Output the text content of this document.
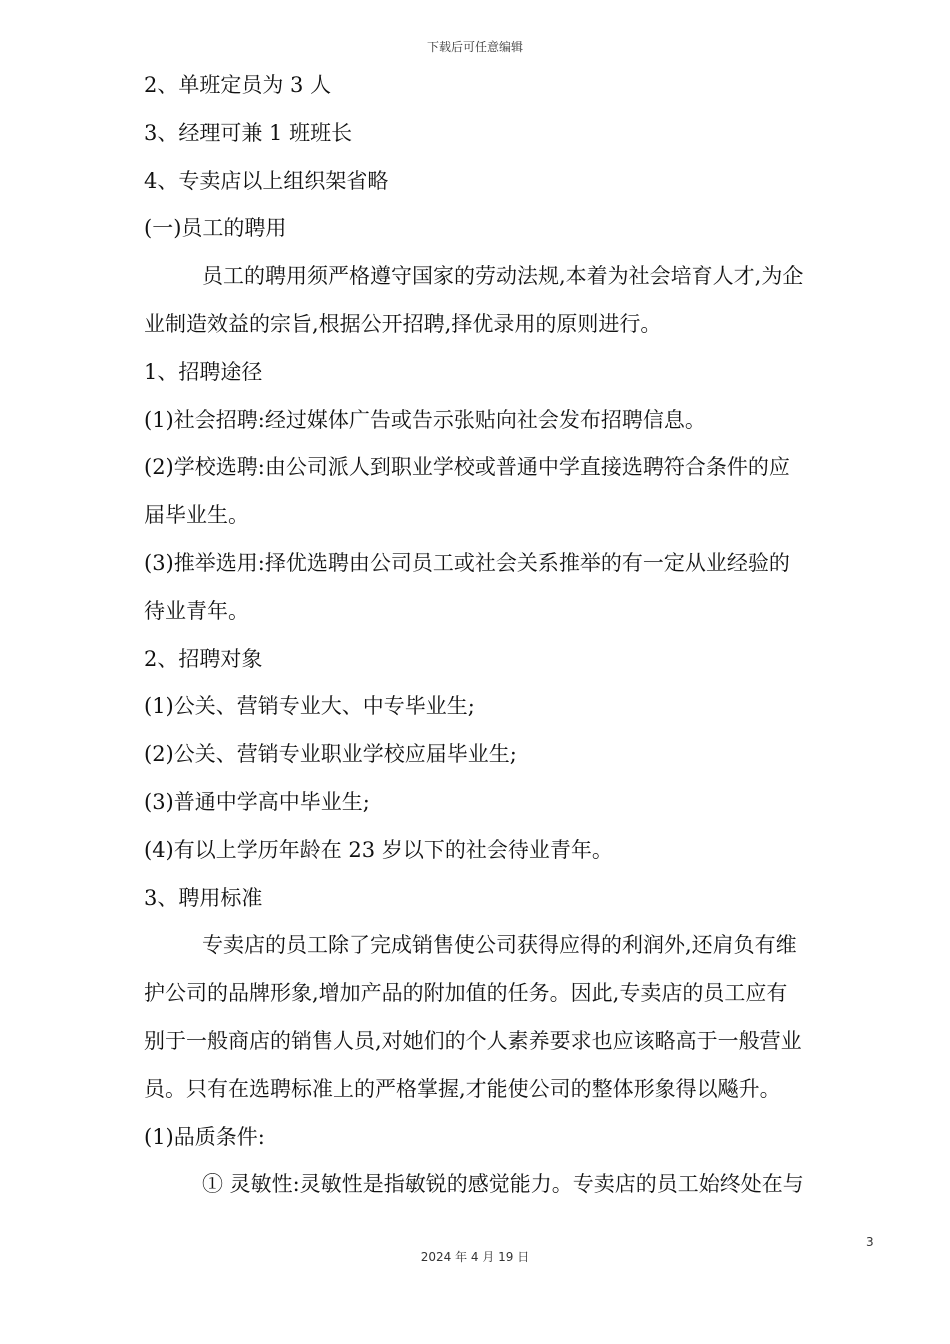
下载后可任意编辑
2、单班定员为 3 人
3、经理可兼 1 班班长
4、专卖店以上组织架省略
(一)员工的聘用
员工的聘用须严格遵守国家的劳动法规,本着为社会培育人才,为企
业制造效益的宗旨,根据公开招聘,择优录用的原则进行。
1、招聘途径
(1)社会招聘:经过媒体广告或告示张贴向社会发布招聘信息。
(2)学校选聘:由公司派人到职业学校或普通中学直接选聘符合条件的应
届毕业生。
(3)推举选用:择优选聘由公司员工或社会关系推举的有一定从业经验的
待业青年。
2、招聘对象
(1)公关、营销专业大、中专毕业生;
(2)公关、营销专业职业学校应届毕业生;
(3)普通中学高中毕业生;
(4)有以上学历年龄在 23 岁以下的社会待业青年。
3、聘用标准
专卖店的员工除了完成销售使公司获得应得的利润外,还肩负有维
护公司的品牌形象,增加产品的附加值的任务。因此,专卖店的员工应有
别于一般商店的销售人员,对她们的个人素养要求也应该略高于一般营业
员。只有在选聘标准上的严格掌握,才能使公司的整体形象得以飚升。
(1)品质条件:
① 灵敏性:灵敏性是指敏锐的感觉能力。专卖店的员工始终处在与
3
2024 年 4 月 19 日
